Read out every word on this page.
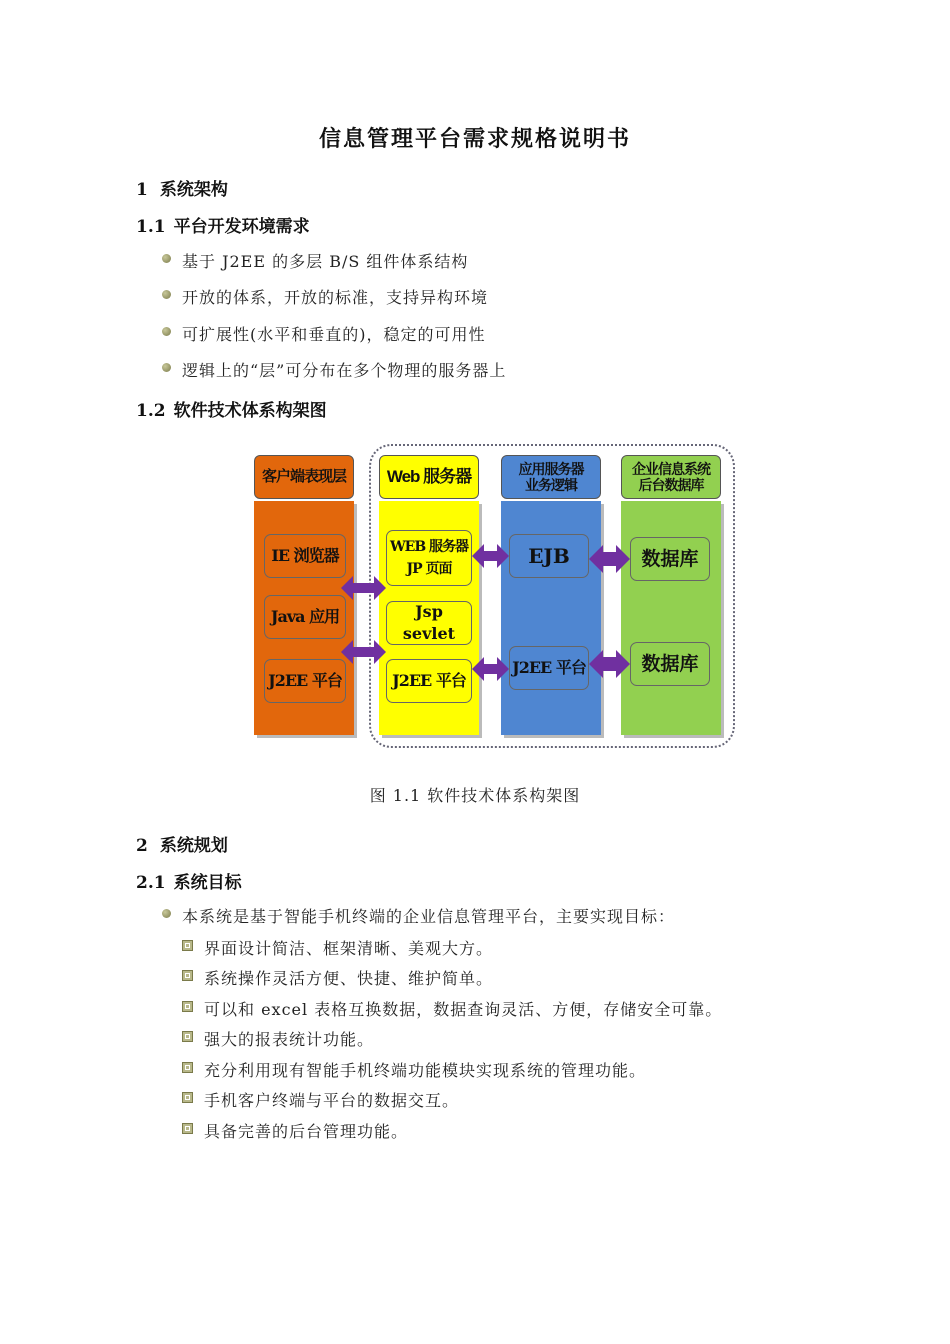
信息管理平台需求规格说明书
1 系统架构
1.1 平台开发环境需求
基于 J2EE 的多层 B/S 组件体系结构
开放的体系，开放的标准，支持异构环境
可扩展性(水平和垂直的)，稳定的可用性
逻辑上的“层”可分布在多个物理的服务器上
1.2 软件技术体系构架图
客户端表现层	Web 服务器	应用服务器
业务逻辑
企业信息系统
后台数据库
IE 浏览器
Java 应用
J2EE 平台
WEB 服务器
JP 页面
Jsp sevlet
J2EE 平台
EJB
J2EE 平台
数据库
数据库
图 1.1 软件技术体系构架图
2 系统规划
2.1 系统目标
本系统是基于智能手机终端的企业信息管理平台，主要实现目标：
界面设计简洁、框架清晰、美观大方。
系统操作灵活方便、快捷、维护简单。
可以和 excel 表格互换数据，数据查询灵活、方便，存储安全可靠。
强大的报表统计功能。
充分利用现有智能手机终端功能模块实现系统的管理功能。
手机客户终端与平台的数据交互。
具备完善的后台管理功能。
